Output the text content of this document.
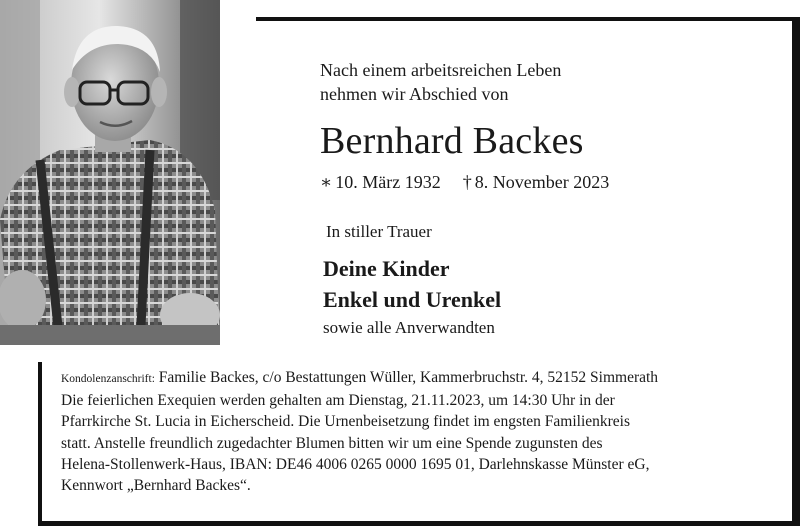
Nach einem arbeitsreichen Leben
nehmen wir Abschied von
Bernhard Backes
∗ 10. März 1932 † 8. November 2023
In stiller Trauer
Deine Kinder
Enkel und Urenkel
sowie alle Anverwandten

Kondolenzanschrift: Familie Backes, c/o Bestattungen Wüller, Kammerbruchstr. 4, 52152 Simmerath

Die feierlichen Exequien werden gehalten am Dienstag, 21.11.2023, um 14:30 Uhr in der

Pfarrkirche St. Lucia in Eicherscheid. Die Urnenbeisetzung findet im engsten Familienkreis

statt. Anstelle freundlich zugedachter Blumen bitten wir um eine Spende zugunsten des

Helena-Stollenwerk-Haus, IBAN: DE46 4006 0265 0000 1695 01, Darlehnskasse Münster eG,

Kennwort „Bernhard Backes“.
